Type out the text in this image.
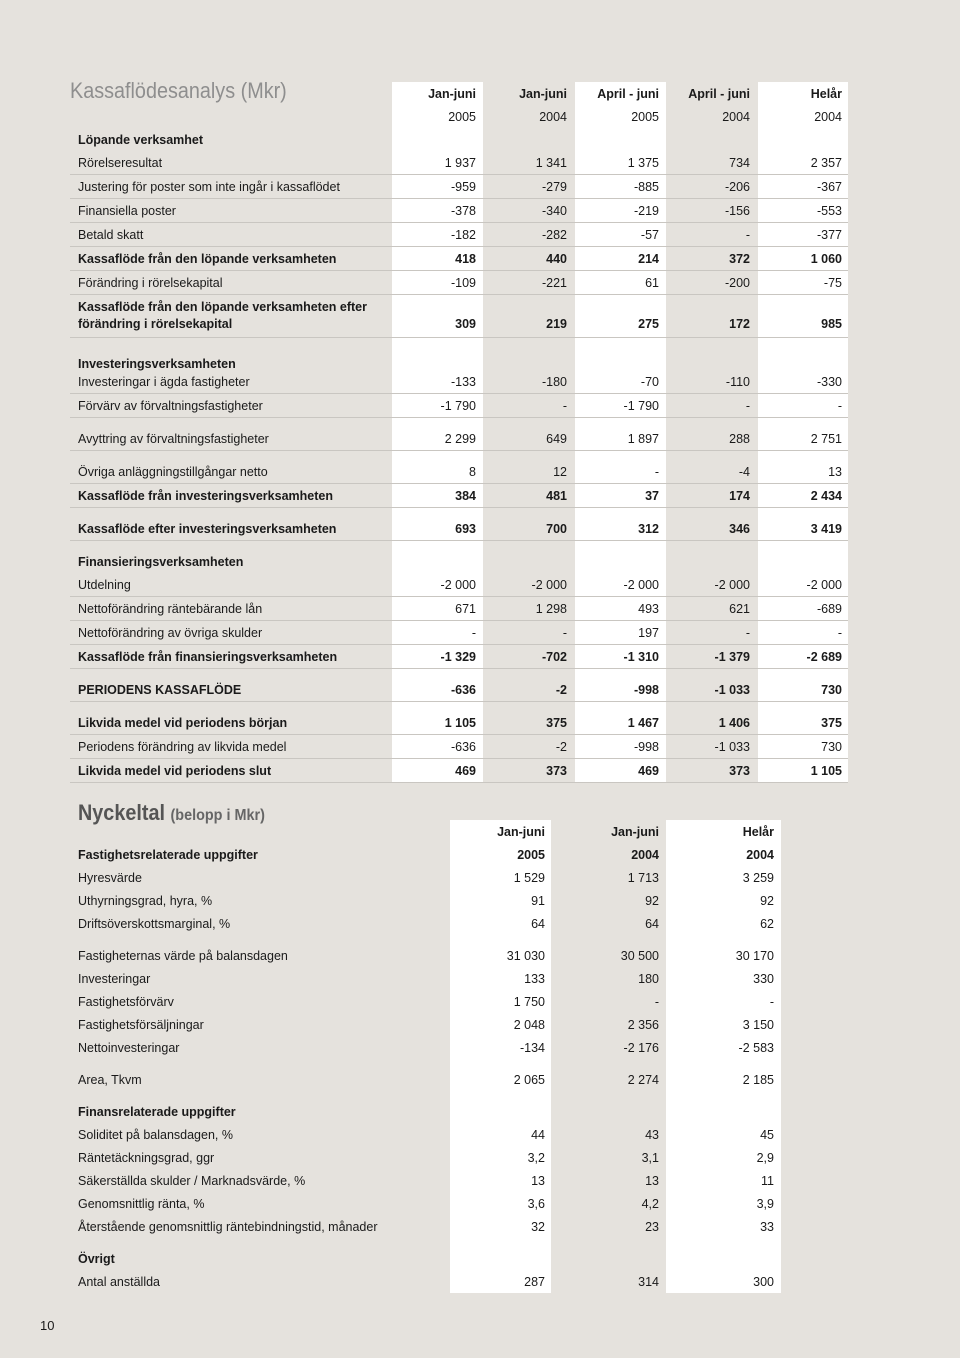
Jan-juni	Jan-juni	April - juni	April - juni	Helår
2005	2004	2005	2004	2004
Löpande verksamhet
Rörelseresultat	1 937	1 341	1 375	734	2 357
Justering för poster som inte ingår i kassaflödet	-959	-279	-885	-206	-367
Finansiella poster	-378	-340	-219	-156	-553
Betald skatt	-182	-282	-57	-	-377
Kassaflöde från den löpande verksamheten	418	440	214	372	1 060
Förändring i rörelsekapital	-109	-221	61	-200	-75
Kassaflöde från den löpande verksamheten efter
förändring i rörelsekapital	309	219	275	172	985
Investeringsverksamheten
Investeringar i ägda fastigheter	-133	-180	-70	-110	-330
Förvärv av förvaltningsfastigheter	-1 790	-	-1 790	-	-
Avyttring av förvaltningsfastigheter	2 299	649	1 897	288	2 751
Övriga anläggningstillgångar netto	8	12	-	-4	13
Kassaflöde från investeringsverksamheten	384	481	37	174	2 434
Kassaflöde efter investeringsverksamheten	693	700	312	346	3 419
Finansieringsverksamheten
Utdelning	-2 000	-2 000	-2 000	-2 000	-2 000
Nettoförändring räntebärande lån	671	1 298	493	621	-689
Nettoförändring av övriga skulder	-	-	197	-	-
Kassaflöde från finansieringsverksamheten	-1 329	-702	-1 310	-1 379	-2 689
PERIODENS KASSAFLÖDE	-636	-2	-998	-1 033	730
Likvida medel vid periodens början	1 105	375	1 467	1 406	375
Periodens förändring av likvida medel	-636	-2	-998	-1 033	730
Likvida medel vid periodens slut	469	373	469	373	1 105
Kassaflödesanalys (Mkr)
Nyckeltal (belopp i Mkr)
Jan-juni	Jan-juni	Helår
Fastighetsrelaterade uppgifter	2005	2004	2004
Hyresvärde	1 529	1 713	3 259
Uthyrningsgrad, hyra, %	91	92	92
Driftsöverskottsmarginal, %	64	64	62
Fastigheternas värde på balansdagen	31 030	30 500	30 170
Investeringar	133	180	330
Fastighetsförvärv	1 750	-	-
Fastighetsförsäljningar	2 048	2 356	3 150
Nettoinvesteringar	-134	-2 176	-2 583
Area, Tkvm	2 065	2 274	2 185
Finansrelaterade uppgifter
Soliditet på balansdagen, %	44	43	45
Räntetäckningsgrad, ggr	3,2	3,1	2,9
Säkerställda skulder / Marknadsvärde, %	13	13	11
Genomsnittlig ränta, %	3,6	4,2	3,9
Återstående genomsnittlig räntebindningstid, månader	32	23	33
Övrigt
Antal anställda	287	314	300
10
